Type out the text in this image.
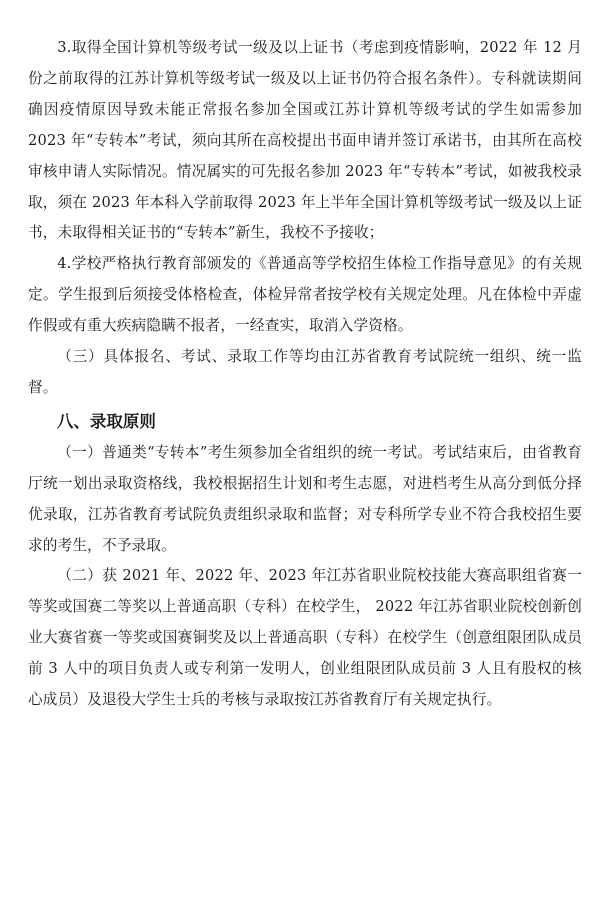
3.取得全国计算机等级考试一级及以上证书（考虑到疫情影响，2022 年 12 月份之前取得的江苏计算机等级考试一级及以上证书仍符合报名条件）。专科就读期间确因疫情原因导致未能正常报名参加全国或江苏计算机等级考试的学生如需参加 2023 年“专转本”考试，须向其所在高校提出书面申请并签订承诺书，由其所在高校审核申请人实际情况。情况属实的可先报名参加 2023 年“专转本”考试，如被我校录取，须在 2023 年本科入学前取得 2023 年上半年全国计算机等级考试一级及以上证书，未取得相关证书的“专转本”新生，我校不予接收；

4.学校严格执行教育部颁发的《普通高等学校招生体检工作指导意见》的有关规定。学生报到后须接受体格检查，体检异常者按学校有关规定处理。凡在体检中弄虚作假或有重大疾病隐瞒不报者，一经查实，取消入学资格。

（三）具体报名、考试、录取工作等均由江苏省教育考试院统一组织、统一监督。

八、录取原则

（一）普通类“专转本”考生须参加全省组织的统一考试。考试结束后，由省教育厅统一划出录取资格线，我校根据招生计划和考生志愿，对进档考生从高分到低分择优录取，江苏省教育考试院负责组织录取和监督；对专科所学专业不符合我校招生要求的考生，不予录取。

（二）获 2021 年、2022 年、2023 年江苏省职业院校技能大赛高职组省赛一等奖或国赛二等奖以上普通高职（专科）在校学生， 2022 年江苏省职业院校创新创业大赛省赛一等奖或国赛铜奖及以上普通高职（专科）在校学生（创意组限团队成员前 3 人中的项目负责人或专利第一发明人，创业组限团队成员前 3 人且有股权的核心成员）及退役大学生士兵的考核与录取按江苏省教育厅有关规定执行。
